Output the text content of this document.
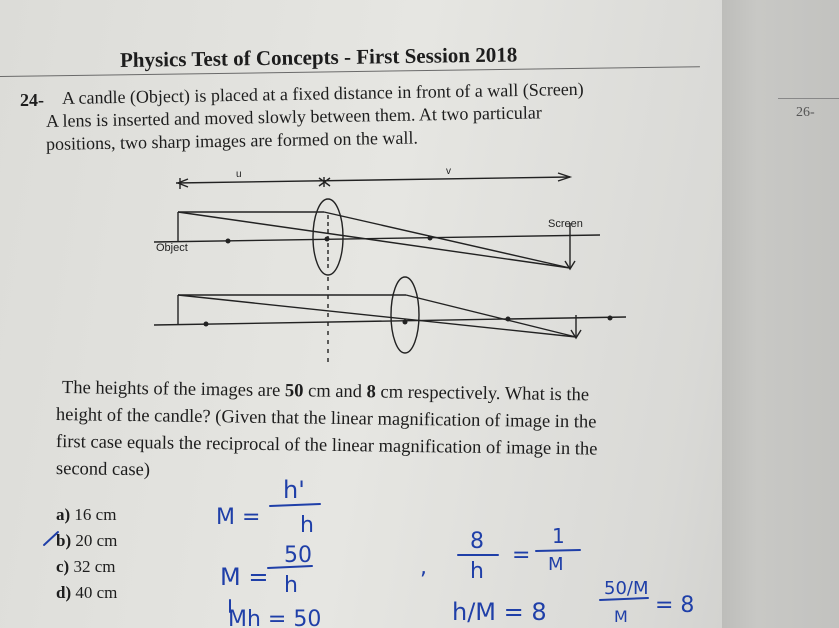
26-
Physics Test of Concepts - First Session 2018
24- A candle (Object) is placed at a fixed distance in front of a wall (Screen)
A lens is inserted and moved slowly between them. At two particular
positions, two sharp images are formed on the wall.
u	v
Screen
Object
The heights of the images are 50 cm and 8 cm respectively. What is the
height of the candle? (Given that the linear magnification of image in the
first case equals the reciprocal of the linear magnification of image in the
second case)
a) 16 cm
b) 20 cm
c) 32 cm
d) 40 cm
M =
h'
h
M =
50
h
Mh = 50
,
8
h
=
1
M
h/M = 8
50/M
M = 8
